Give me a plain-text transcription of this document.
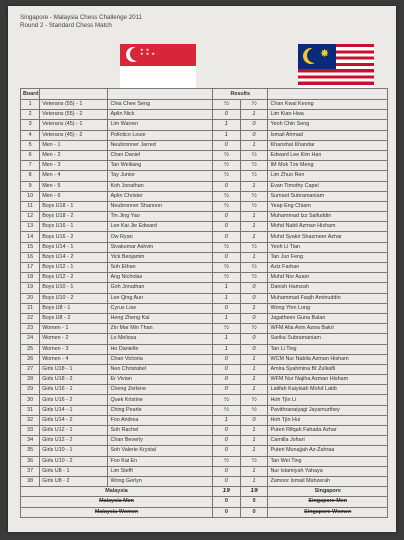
Singapore - Malaysia Chess Challenge 2011
Round 2 - Standard Chess Match
★ ★
★ ★ ★	✸
Board			Results		
1	Veterans (55) - 1	Chia Chee Seng	½	½	Chan Kwai Keong
2	Veterans (55) - 2	Aplin Nick	0	1	Lim Kian Hwa
3	Veterans (45) - 1	Lim Warren	1	0	Yeoh Chin Seng
4	Veterans (45) - 2	Pollotico Louie	1	0	Ismail Ahmad
5	Men - 1	Neubronner Jarred	0	1	Khaoshal Khandar
6	Men - 2	Chan Daniel	½	½	Edward Lee Kim Han
7	Men - 3	Tan Weiliang	½	½	IM Mok Tze Meng
8	Men - 4	Tay Junior	½	½	Lim Zhuo Ren
9	Men - 5	Koh Jonathan	0	1	Evan Timothy Capel
10	Men - 6	Aplin Christer	½	½	Sumant Subramaniam
11	Boys U18 - 1	Neubronner Shannon	½	½	Yeap Eng Chiam
12	Boys U18 - 2	Tin Jing Yao	0	1	Muhammad Izz Saifuddin
13	Boys U16 - 1	Lee Kai Jie Edward	0	1	Mohd Nabil Azman Hisham
14	Boys U16 - 2	Ow Ryan	0	1	Mohd Syakir Shazmeer Azhar
15	Boys U14 - 1	Sivakumar Ashvin	½	½	Yeoh Li Tian
16	Boys U14 - 2	Yick Benjamin	0	1	Tan Jun Feng
17	Boys U12 - 1	Soh Ethan	½	½	Aziz Farhan
18	Boys U12 - 2	Ang Nicholas	½	½	Mohd Nor Azam
19	Boys U10 - 1	Goh Jonathan	1	0	Danish Hamzah
20	Boys U10 - 2	Lee Qing Aun	1	0	Muhammad Faqih Aminuddin
21	Boys U8 - 1	Cyrus Low	0	1	Wong Yinn Long
22	Boys U8 - 2	Heng Zheng Kai	1	0	Jagatheev Guna Balan
23	Women - 1	Zin Mar Min Than	½	½	WFM Alia Anin Azwa Bakri
24	Women - 2	Lo Melissa	1	0	Sarika Subramaniam
25	Women - 3	Ho Danielle	1	0	Tan Li Ting
26	Women - 4	Chan Victoria	0	1	WCM Nur Nabila Azman Hisham
27	Girls U18 - 1	Neo Christabel	0	1	Amira Syahmina Bt Zulkafli
28	Girls U18 - 2	Er Vivian	0	1	WFM Nur Najiha Azman Hisham
29	Girls U16 - 1	Cheng Zerlene	0	1	Latifah Kaiyisah Mohd Latib
30	Girls U16 - 2	Quek Kristine	½	½	Hoh Tjin Li
31	Girls U14 - 1	Ching Pearle	½	½	Pavithranaiyagi Jayamurthey
32	Girls U14 - 2	Foo Andrea	1	0	Hoh Tjin Hui
33	Girls U12 - 1	Soh Rachel	0	1	Puteri Rifqah Fahada Azhar
34	Girls U12 - 2	Chan Beverly	0	1	Camilla Johari
35	Girls U10 - 1	Soh Valerie Krystal	0	1	Puteri Munajjah Az-Zahraa
36	Girls U10 - 2	Foo Kai En	½	½	Tan Wei Ting
37	Girls U8 - 1	Lim Steffi	0	1	Nur Islamiyah Yahaya
38	Girls U8 - 2	Wong Gerlyn	0	1	Zamoor Ismail Mahzerah
Malaysia			19	19	Singapore
Malaysia Men			0	0	Singapore Men
Malaysia Women			0	0	Singapore Women
